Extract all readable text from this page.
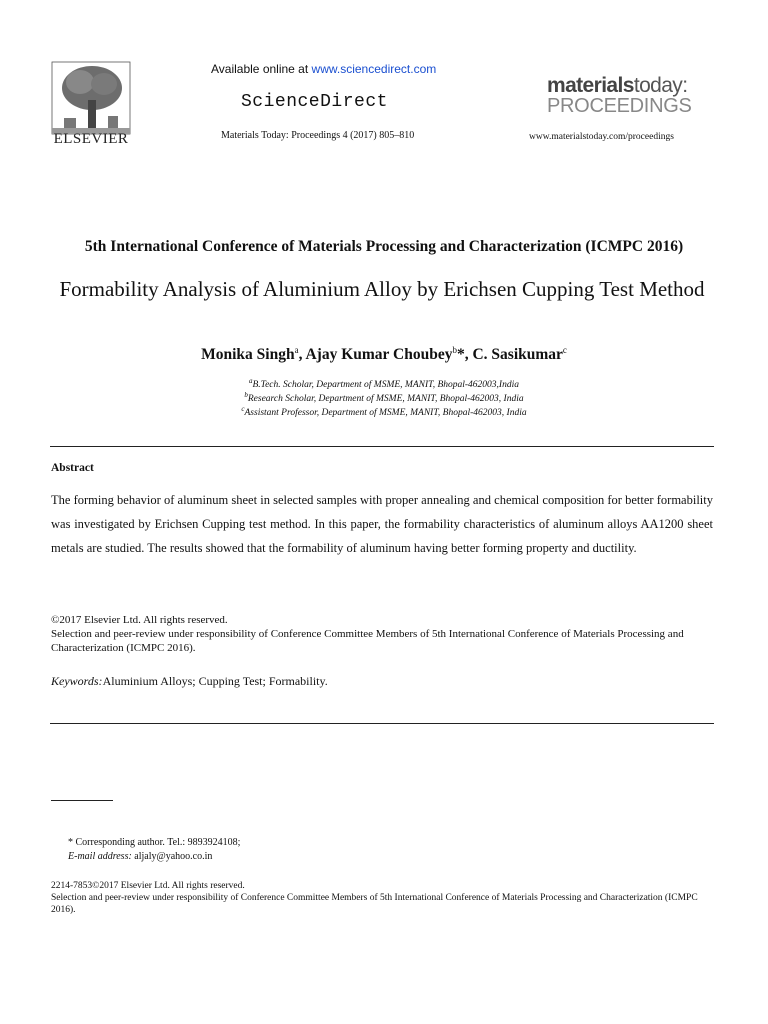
ELSEVIER
Available online at www.sciencedirect.com
ScienceDirect
Materials Today: Proceedings 4 (2017) 805–810
materialstoday:
PROCEEDINGS
www.materialstoday.com/proceedings
5th International Conference of Materials Processing and Characterization (ICMPC 2016)
Formability Analysis of Aluminium Alloy by Erichsen Cupping Test Method
Monika Singh$^a$, Ajay Kumar Choubey$^b$*, C. Sasikumar$^c$
$^a$B.Tech. Scholar, Department of MSME, MANIT, Bhopal-462003,India
$^b$Research Scholar, Department of MSME, MANIT, Bhopal-462003, India
$^c$Assistant Professor, Department of MSME, MANIT, Bhopal-462003, India
Abstract
The forming behavior of aluminum sheet in selected samples with proper annealing and chemical composition for better formability was investigated by Erichsen Cupping test method. In this paper, the formability characteristics of aluminum alloys AA1200 sheet metals are studied. The results showed that the formability of aluminum having better forming property and ductility.
©2017 Elsevier Ltd. All rights reserved.
Selection and peer-review under responsibility of Conference Committee Members of 5th International Conference of Materials Processing and Characterization (ICMPC 2016).
Keywords:Aluminium Alloys; Cupping Test; Formability.
* Corresponding author. Tel.: 9893924108;
E-mail address: aljaly@yahoo.co.in
2214-7853©2017 Elsevier Ltd. All rights reserved.
Selection and peer-review under responsibility of Conference Committee Members of 5th International Conference of Materials Processing and Characterization (ICMPC 2016).
